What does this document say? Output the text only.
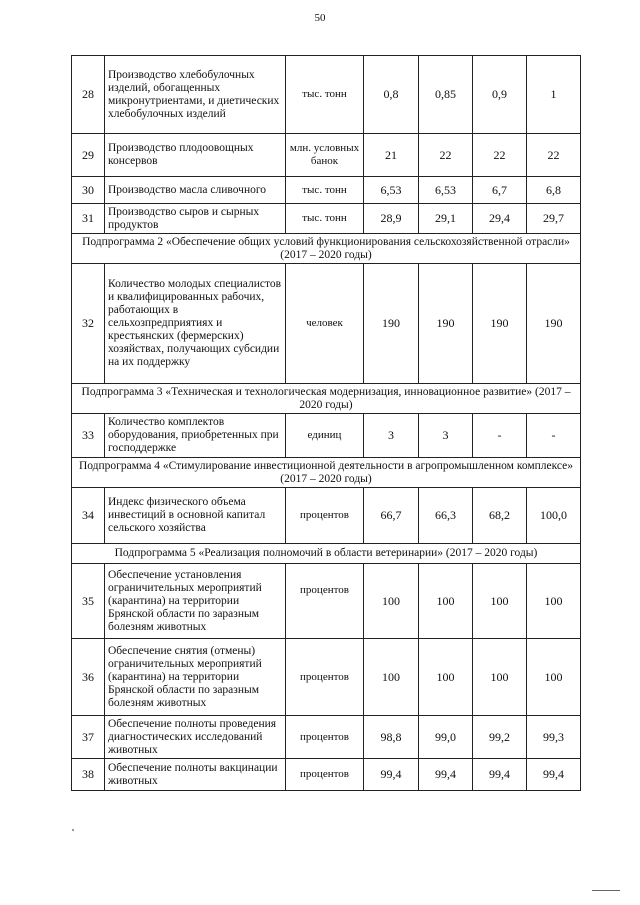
50
28	Производство хлебобулочных изделий, обогащенных микронутриентами, и диетических хлебобулочных изделий	тыс. тонн	0,8	0,85	0,9	1
29	Производство плодоовощных консервов	млн. условных банок	21	22	22	22
30	Производство масла сливочного	тыс. тонн	6,53	6,53	6,7	6,8
31	Производство сыров и сырных продуктов	тыс. тонн	28,9	29,1	29,4	29,7
Подпрограмма 2 «Обеспечение общих условий функционирования сельскохозяйственной отрасли» (2017 – 2020 годы)						
32	Количество молодых специалистов и квалифицированных рабочих, работающих в сельхозпредприятиях и крестьянских (фермерских) хозяйствах, получающих субсидии на их поддержку	человек	190	190	190	190
Подпрограмма 3 «Техническая и технологическая модернизация, инновационное развитие» (2017 – 2020 годы)						
33	Количество комплектов оборудования, приобретенных при господдержке	единиц	3	3	-	-
Подпрограмма 4 «Стимулирование инвестиционной деятельности в агропромышленном комплексе» (2017 – 2020 годы)						
34	Индекс физического объема инвестиций в основной капитал сельского хозяйства	процентов	66,7	66,3	68,2	100,0
Подпрограмма 5 «Реализация полномочий в области ветеринарии» (2017 – 2020 годы)						
35	Обеспечение установления ограничительных мероприятий (карантина) на территории Брянской области по заразным болезням животных	процентов	100	100	100	100
36	Обеспечение снятия (отмены) ограничительных мероприятий (карантина) на территории Брянской области по заразным болезням животных	процентов	100	100	100	100
37	Обеспечение полноты проведения диагностических исследований животных	процентов	98,8	99,0	99,2	99,3
38	Обеспечение полноты вакцинации животных	процентов	99,4	99,4	99,4	99,4
